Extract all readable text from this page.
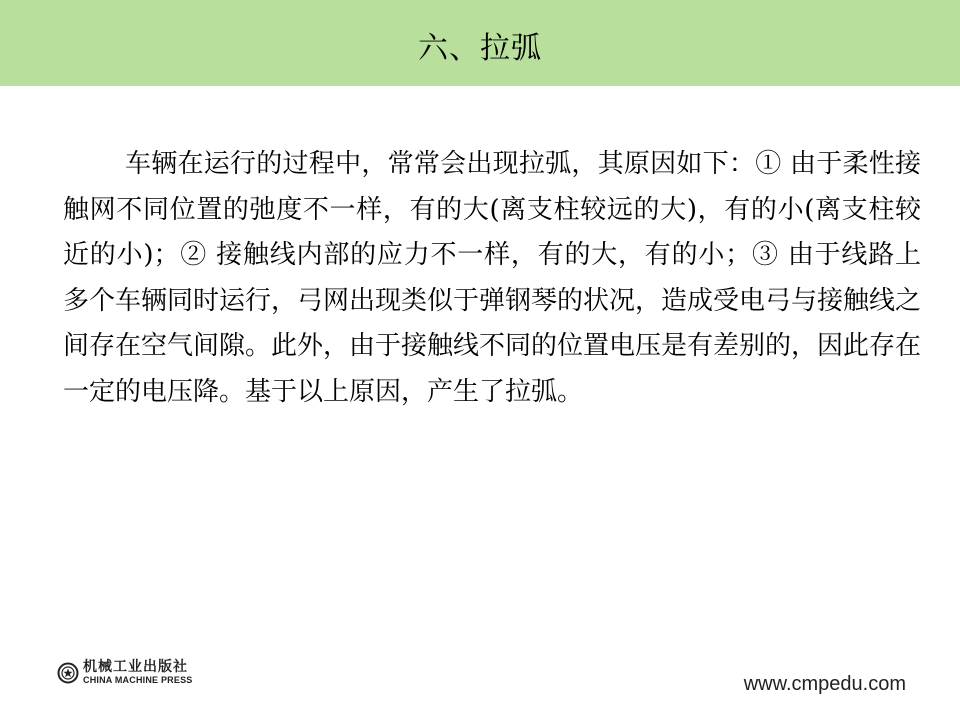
六、拉弧

车辆在运行的过程中，常常会出现拉弧，其原因如下：① 由于柔性接触网不同位置的弛度不一样，有的大(离支柱较远的大)，有的小(离支柱较近的小)；② 接触线内部的应力不一样，有的大，有的小；③ 由于线路上多个车辆同时运行，弓网出现类似于弹钢琴的状况，造成受电弓与接触线之间存在空气间隙。此外，由于接触线不同的位置电压是有差别的，因此存在一定的电压降。基于以上原因，产生了拉弧。

机械工业出版社
CHINA MACHINE PRESS	www.cmpedu.com
